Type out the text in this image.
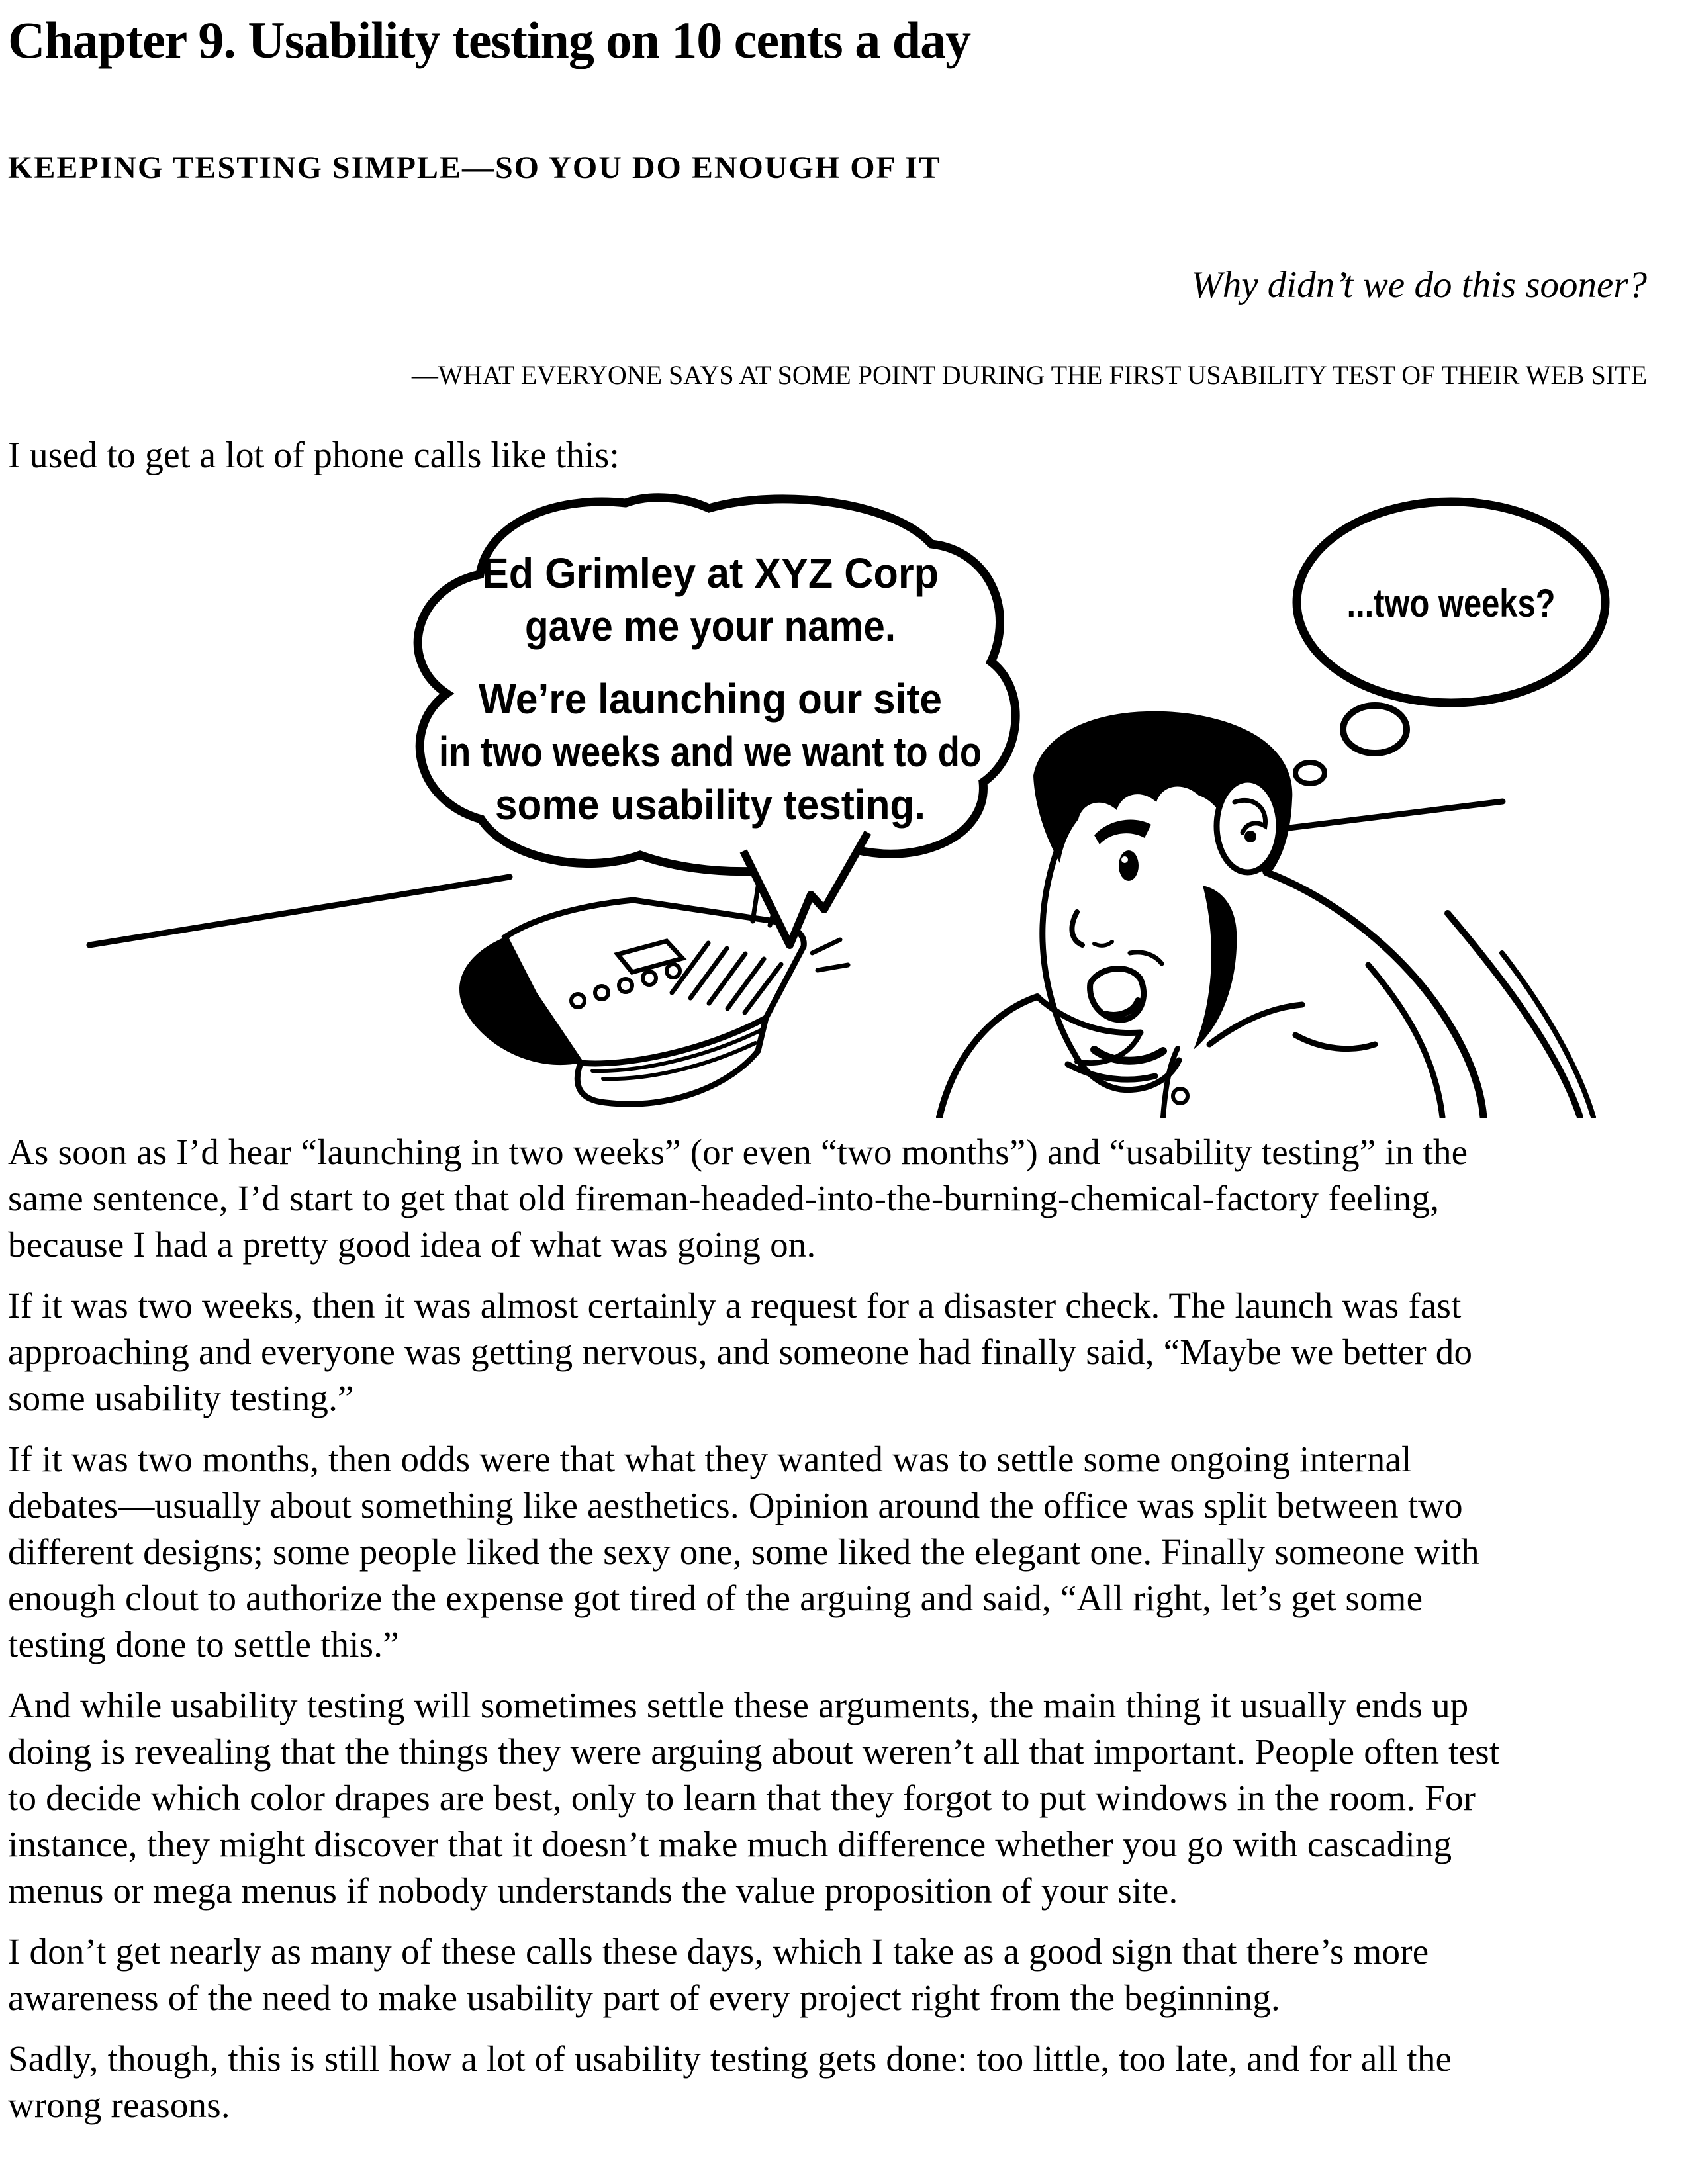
Chapter 9. Usability testing on 10 cents a day
KEEPING TESTING SIMPLE—SO YOU DO ENOUGH OF IT
Why didn’t we do this sooner?
—WHAT EVERYONE SAYS AT SOME POINT DURING THE FIRST USABILITY TEST OF THEIR WEB SITE
I used to get a lot of phone calls like this:
Ed Grimley at XYZ Corp
gave me your name.
We’re launching our site
in two weeks and we want to do
some usability testing.
...two weeks?
As soon as I’d hear “launching in two weeks” (or even “two months”) and “usability testing” in the
same sentence, I’d start to get that old fireman-headed-into-the-burning-chemical-factory feeling,
because I had a pretty good idea of what was going on.
If it was two weeks, then it was almost certainly a request for a disaster check. The launch was fast
approaching and everyone was getting nervous, and someone had finally said, “Maybe we better do
some usability testing.”
If it was two months, then odds were that what they wanted was to settle some ongoing internal
debates—usually about something like aesthetics. Opinion around the office was split between two
different designs; some people liked the sexy one, some liked the elegant one. Finally someone with
enough clout to authorize the expense got tired of the arguing and said, “All right, let’s get some
testing done to settle this.”
And while usability testing will sometimes settle these arguments, the main thing it usually ends up
doing is revealing that the things they were arguing about weren’t all that important. People often test
to decide which color drapes are best, only to learn that they forgot to put windows in the room. For
instance, they might discover that it doesn’t make much difference whether you go with cascading
menus or mega menus if nobody understands the value proposition of your site.
I don’t get nearly as many of these calls these days, which I take as a good sign that there’s more
awareness of the need to make usability part of every project right from the beginning.
Sadly, though, this is still how a lot of usability testing gets done: too little, too late, and for all the
wrong reasons.
